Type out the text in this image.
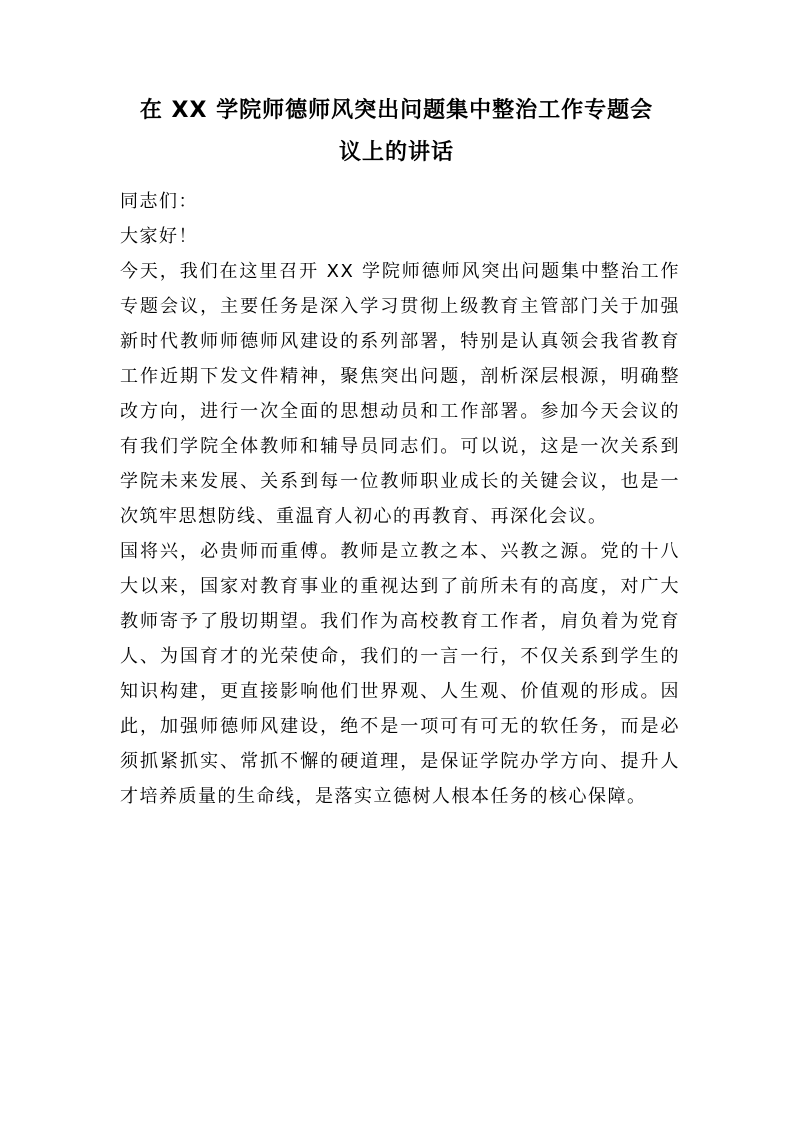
在 XX 学院师德师风突出问题集中整治工作专题会
议上的讲话

同志们：

大家好！

今天，我们在这里召开 XX 学院师德师风突出问题集中整治工作专题会议，主要任务是深入学习贯彻上级教育主管部门关于加强新时代教师师德师风建设的系列部署，特别是认真领会我省教育工作近期下发文件精神，聚焦突出问题，剖析深层根源，明确整改方向，进行一次全面的思想动员和工作部署。参加今天会议的有我们学院全体教师和辅导员同志们。可以说，这是一次关系到学院未来发展、关系到每一位教师职业成长的关键会议，也是一次筑牢思想防线、重温育人初心的再教育、再深化会议。

国将兴，必贵师而重傅。教师是立教之本、兴教之源。党的十八大以来，国家对教育事业的重视达到了前所未有的高度，对广大教师寄予了殷切期望。我们作为高校教育工作者，肩负着为党育人、为国育才的光荣使命，我们的一言一行，不仅关系到学生的知识构建，更直接影响他们世界观、人生观、价值观的形成。因此，加强师德师风建设，绝不是一项可有可无的软任务，而是必须抓紧抓实、常抓不懈的硬道理，是保证学院办学方向、提升人才培养质量的生命线，是落实立德树人根本任务的核心保障。
